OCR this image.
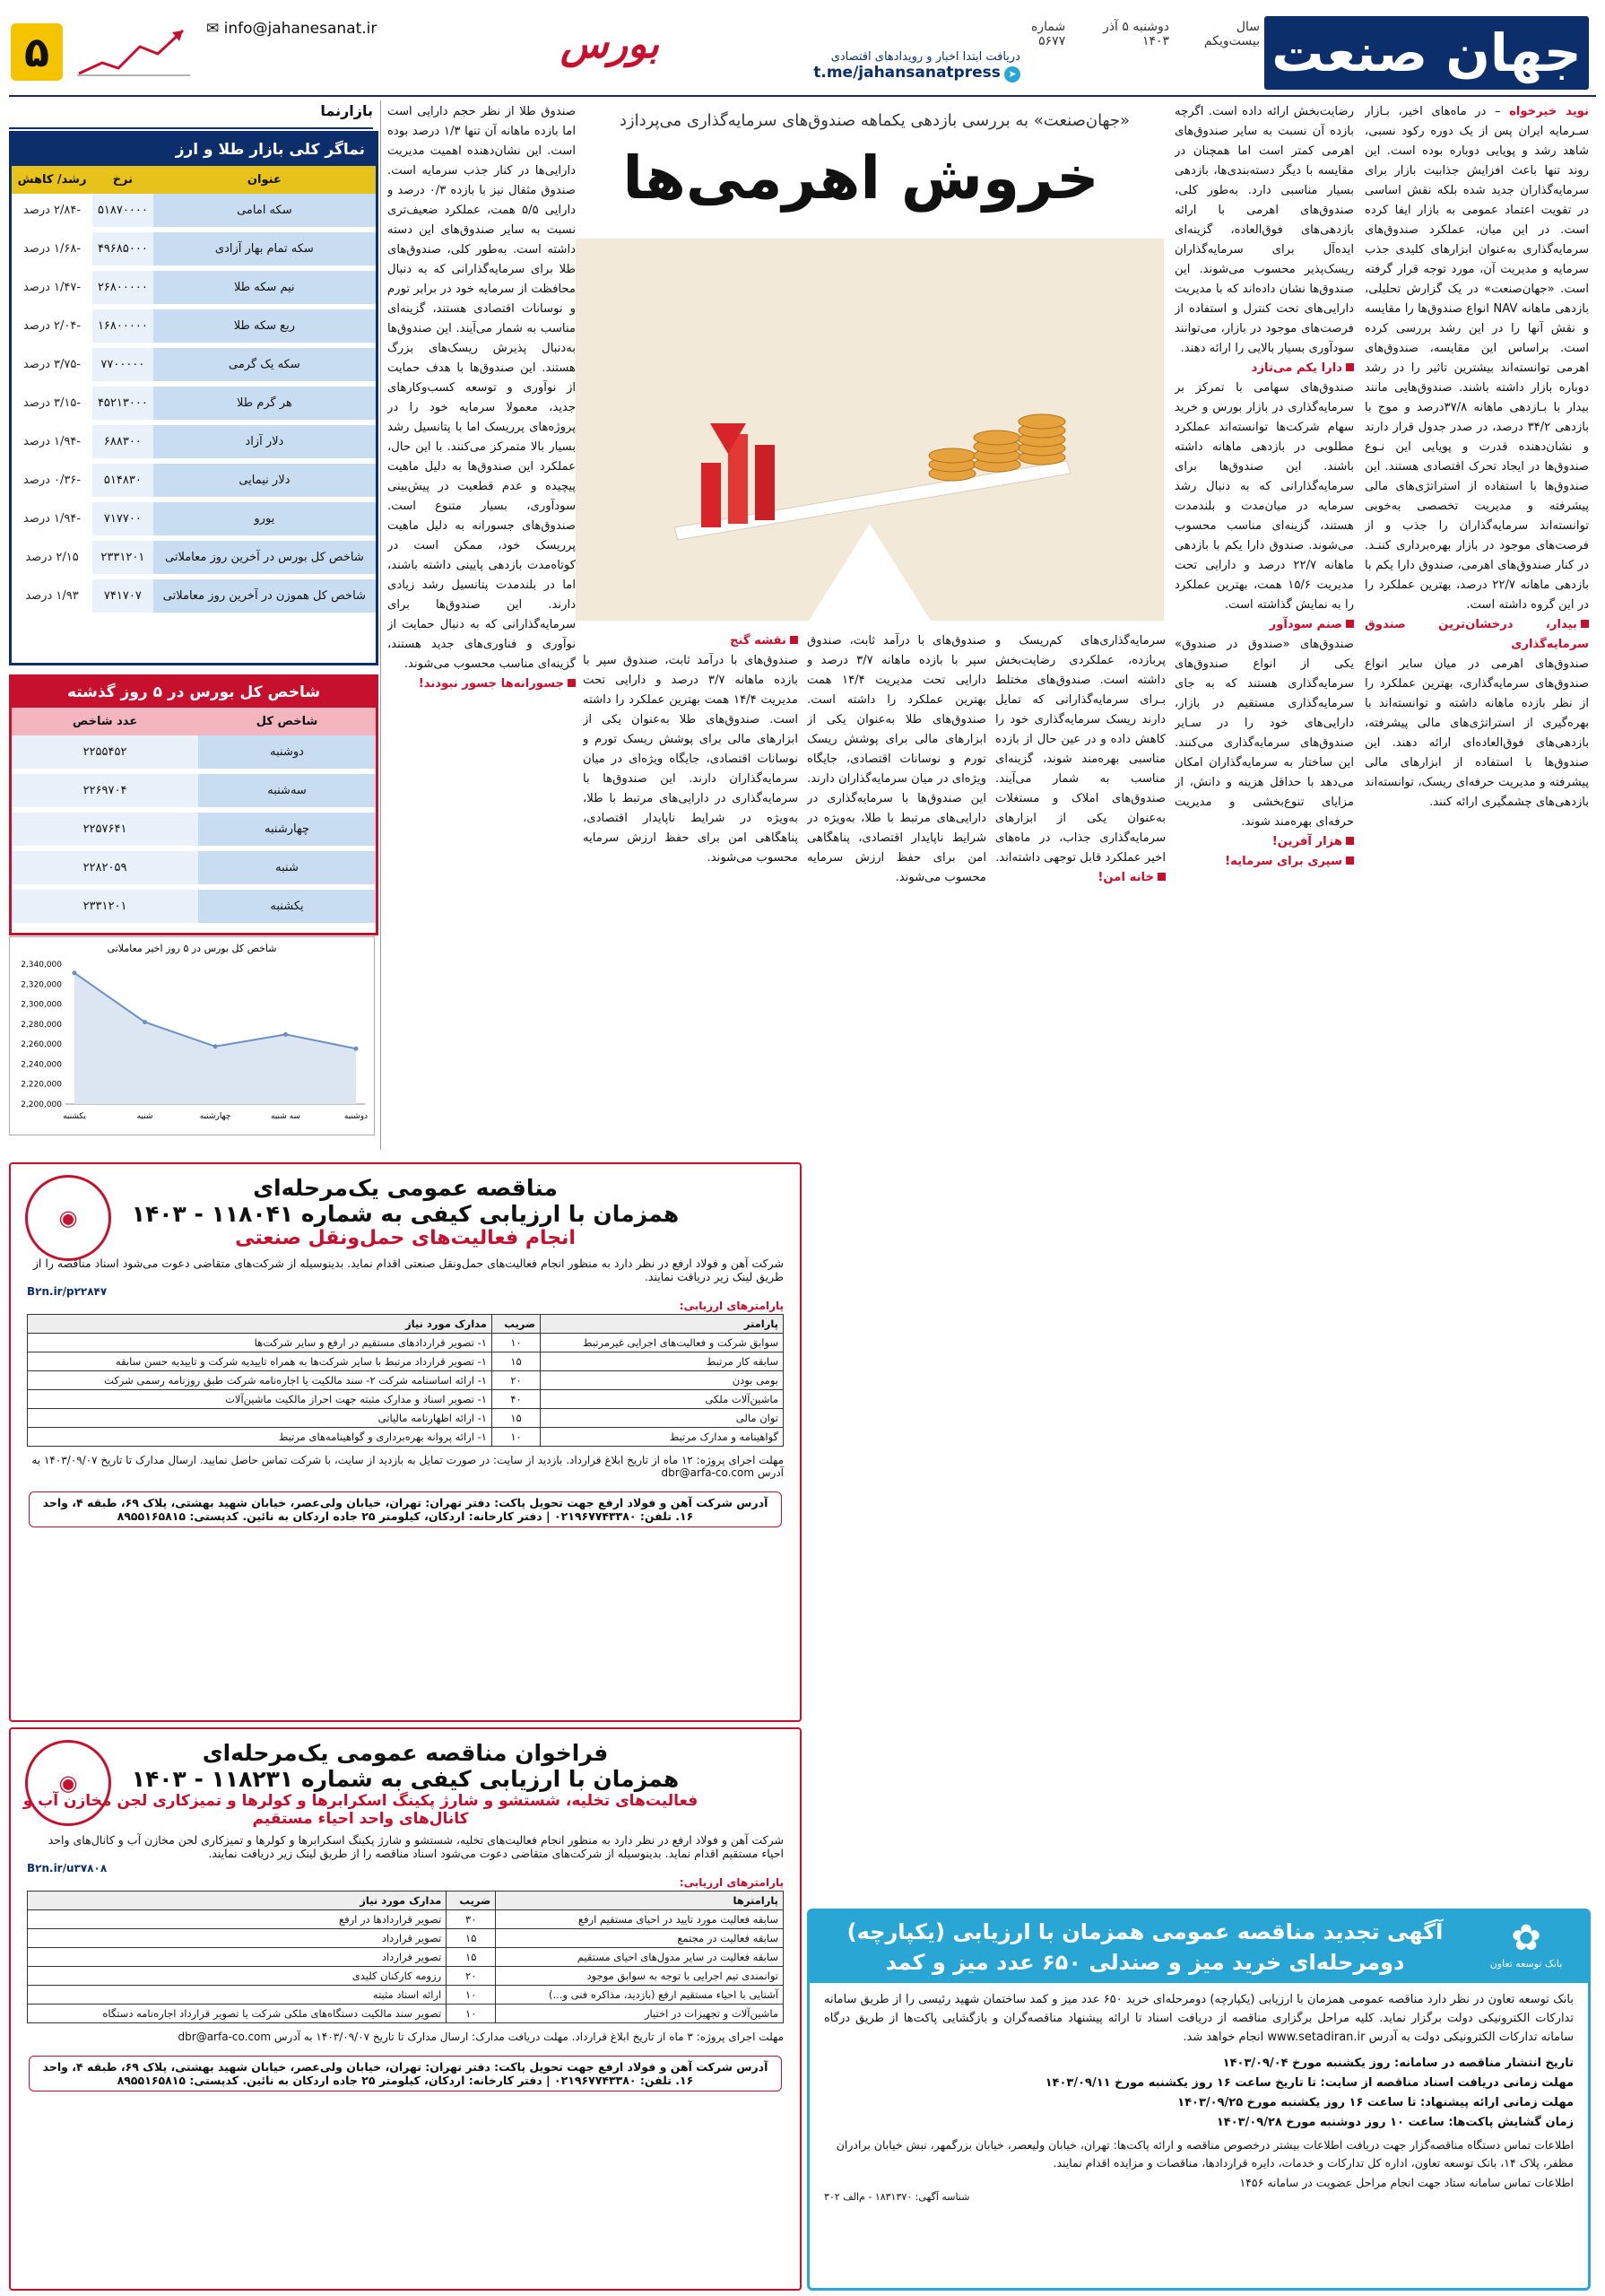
جهان صنعت
سال بیست‌ویکم
دوشنبه ۵ آذر ۱۴۰۳
شماره ۵۶۷۷
بورس	دریافت ابتدا اخبار و رویدادهای اقتصادی
➤ t.me/jahansanatpress
✉ info@jahanesanat.ir
۵
بازارنما
نماگر کلی بازار طلا و ارز
عنوان	نرخ	رشد/ کاهش
سکه امامی	۵۱۸۷۰۰۰۰	-۲/۸۴ درصد
سکه تمام بهار آزادی	۴۹۶۸۵۰۰۰	-۱/۶۸ درصد
نیم سکه طلا	۲۶۸۰۰۰۰۰	-۱/۴۷ درصد
ربع سکه طلا	۱۶۸۰۰۰۰۰	-۲/۰۴ درصد
سکه یک گرمی	۷۷۰۰۰۰۰	-۳/۷۵ درصد
هر گرم طلا	۴۵۲۱۳۰۰۰	-۳/۱۵ درصد
دلار آزاد	۶۸۸۳۰۰	-۱/۹۴ درصد
دلار نیمایی	۵۱۴۸۳۰	-۰/۳۶ درصد
یورو	۷۱۷۷۰۰	-۱/۹۴ درصد
شاخص کل بورس در آخرین روز معاملاتی	۲۳۳۱۲۰۱	۲/۱۵ درصد
شاخص کل هموزن در آخرین روز معاملاتی	۷۴۱۷۰۷	۱/۹۳ درصد
شاخص کل بورس در ۵ روز گذشته
شاخص کل	عدد شاخص
دوشنبه	۲۲۵۵۴۵۲
سه‌شنبه	۲۲۶۹۷۰۴
چهارشنبه	۲۲۵۷۶۴۱
شنبه	۲۲۸۲۰۵۹
یکشنبه	۲۳۳۱۲۰۱
شاخص کل بورس در ۵ روز اخیر معاملاتی
2,200,000
2,220,000
2,240,000
2,260,000
2,280,000
2,300,000
2,320,000
2,340,000
دوشنبه
سه شنبه
چهارشنبه
شنبه
یکشنبه
«جهان‌صنعت» به بررسی بازدهی یکماهه صندوق‌های سرمایه‌گذاری می‌پردازد
خروش اهرمی‌ها
نوید خیرخواه – در ماه‌های اخیر، بـازار سـرمایه ایران پس از یک دوره رکود نسبی، شاهد رشد و پویایی دوباره بوده است. این روند تنها باعث افزایش جذابیت بازار برای سرمایه‌گذاران جدید شده بلکه نقش اساسی در تقویت اعتماد عمومی به بازار ایفا کرده است. در این میان، عملکرد صندوق‌های سرمایه‌گذاری به‌عنوان ابزارهای کلیدی جذب سرمایه و مدیریت آن، مورد توجه قرار گرفته است. «جهان‌صنعت» در یک گزارش تحلیلی، بازدهی ماهانه NAV انواع صندوق‌ها را مقایسه و نقش آنها را در این رشد بررسی کرده است. براساس این مقایسه، صندوق‌های اهرمی توانسته‌اند بیشترین تاثیر را در رشد دوباره بازار داشته باشند. صندوق‌هایی مانند بیدار با بـازدهی ماهانه ۳۷/۸درصد و موج با بازدهی ۳۴/۲ درصد، در صدر جدول قرار دارند و نشان‌دهنده قدرت و پویایی این نـوع صندوق‌ها در ایجاد تحرک اقتصادی هستند. این صندوق‌ها با استفاده از استراتژی‌های مالی پیشرفته و مدیریت تخصصی به‌خوبی توانسته‌اند سرمایه‌گذاران را جذب و از فرصت‌های موجود در بازار بهره‌برداری کننـد. در کنار صندوق‌های اهرمی، صندوق دارا یکم با بازدهی ماهانه ۲۲/۷ درصد، بهترین عملکرد را در این گروه داشته است.
بیدار، درخشان‌ترین صندوق سرمایه‌گذاری
صندوق‌های اهرمی در میان سایر انواع صندوق‌های سرمایه‌گذاری، بهترین عملکرد را از نظر بازده ماهانه داشته و توانسته‌اند با بهره‌گیری از استراتژی‌های مالی پیشرفته، بازدهی‌های فوق‌العاده‌ای ارائه دهند. این صندوق‌ها با استفاده از ابزارهای مالی پیشرفته و مدیریت حرفه‌ای ریسک، توانسته‌اند بازدهی‌های چشمگیری ارائه کنند.
رضایت‌بخش ارائه داده است. اگرچه بازده آن نسبت به سایر صندوق‌های اهرمی کمتر است اما همچنان در مقایسه با دیگر دسته‌بندی‌ها، بازدهی بسیار مناسبی دارد. به‌طور کلی، صندوق‌های اهرمی با ارائه بازدهی‌های فوق‌العاده، گزینه‌ای ایده‌آل برای سرمایه‌گذاران ریسک‌پذیر محسوب می‌شوند. این صندوق‌ها نشان داده‌اند که با مدیریت دارایی‌های تحت کنترل و استفاده از فرصت‌های موجود در بازار، می‌توانند سودآوری بسیار بالایی را ارائه دهند.
دارا یکم می‌تازد
صندوق‌های سهامی با تمرکز بر سرمایه‌گذاری در بازار بورس و خرید سهام شرکت‌ها توانسته‌اند عملکرد مطلوبی در بازدهی ماهانه داشته باشند. این صندوق‌ها برای سرمایه‌گذارانی که به دنبال رشد سرمایه در میان‌مدت و بلندمدت هستند، گزینه‌ای مناسب محسوب می‌شوند. صندوق دارا یکم با بازدهی ماهانه ۲۲/۷ درصد و دارایی تحت مدیریت ۱۵/۶ همت، بهترین عملکرد را به نمایش گذاشته است.
صنم سودآور
صندوق‌های «صندوق در صندوق» یکی از انواع صندوق‌های سرمایه‌گذاری هستند که به جای سرمایه‌گذاری مستقیم در بازار، دارایی‌های خود را در سـایر صندوق‌های سرمایه‌گذاری می‌کنند. این ساختار به سرمایه‌گذاران امکان می‌دهد با حداقل هزینه و دانش، از مزایای تنوع‌بخشی و مدیریت حرفه‌ای بهره‌مند شوند.
هزار آفرین!
سپری برای سرمایه!
سرمایه‌گذاری‌های کم‌ریسک و پربازده، عملکردی رضایت‌بخش داشته است. صندوق‌های مختلط بـرای سرمایه‌گذارانی که تمایل دارند ریسک سرمایه‌گذاری خود را کاهش داده و در عین حال از بازده مناسبی بهره‌مند شوند، گزینه‌ای مناسب به شمار می‌آیند. صندوق‌های املاک و مستغلات به‌عنوان یکی از ابزارهای سرمایه‌گذاری جذاب، در ماه‌های اخیر عملکرد قابل توجهی داشته‌اند.
خانه امن!
صندوق‌های با درآمد ثابت، صندوق سپر با بازده ماهانه ۳/۷ درصد و دارایی تحت مدیریت ۱۴/۴ همت بهترین عملکرد را داشته است. صندوق‌های طلا به‌عنوان یکی از ابزارهای مالی برای پوشش ریسک تورم و نوسانات اقتصادی، جایگاه ویژه‌ای در میان سرمایه‌گذاران دارند. این صندوق‌ها با سرمایه‌گذاری در دارایی‌های مرتبط با طلا، به‌ویژه در شرایط ناپایدار اقتصادی، پناهگاهی امن برای حفظ ارزش سرمایه محسوب می‌شوند.
نقشه گنج
صندوق‌های با درآمد ثابت، صندوق سپر با بازده ماهانه ۳/۷ درصد و دارایی تحت مدیریت ۱۴/۴ همت بهترین عملکرد را داشته است. صندوق‌های طلا به‌عنوان یکی از ابزارهای مالی برای پوشش ریسک تورم و نوسانات اقتصادی، جایگاه ویژه‌ای در میان سرمایه‌گذاران دارند. این صندوق‌ها با سرمایه‌گذاری در دارایی‌های مرتبط با طلا، به‌ویژه در شرایط ناپایدار اقتصادی، پناهگاهی امن برای حفظ ارزش سرمایه محسوب می‌شوند.
صندوق طلا از نظر حجم دارایی است اما بازده ماهانه آن تنها ۱/۳ درصد بوده است. این نشان‌دهنده اهمیت مدیریت دارایی‌ها در کنار جذب سرمایه است. صندوق مثقال نیز با بازده ۰/۳ درصد و دارایی ۵/۵ همت، عملکرد ضعیف‌تری نسبت به سایر صندوق‌های این دسته داشته است. به‌طور کلی، صندوق‌های طلا برای سرمایه‌گذارانی که به دنبال محافظت از سرمایه خود در برابر تورم و نوسانات اقتصادی هستند، گزینه‌ای مناسب به شمار می‌آیند. این صندوق‌ها به‌دنبال پذیرش ریسک‌های بزرگ هستند. این صندوق‌ها با هدف حمایت از نوآوری و توسعه کسب‌وکارهای جدید، معمولا سرمایه خود را در پروژه‌های پرریسک اما با پتانسیل رشد بسیار بالا متمرکز می‌کنند. با این حال، عملکرد این صندوق‌ها به دلیل ماهیت پیچیده و عدم قطعیت در پیش‌بینی سودآوری، بسیار متنوع است. صندوق‌های جسورانه به دلیل ماهیت پرریسک خود، ممکن است در کوتاه‌مدت بازدهی پایینی داشته باشند، اما در بلندمدت پتانسیل رشد زیادی دارند. این صندوق‌ها برای سرمایه‌گذارانی که به دنبال حمایت از نوآوری و فناوری‌های جدید هستند، گزینه‌ای مناسب محسوب می‌شوند.
جسورانه‌ها جسور نبودند!
◉
مناقصه عمومی یک‌مرحله‌ای
همزمان با ارزیابی کیفی به شماره ۱۱۸۰۴۱ - ۱۴۰۳
انجام فعالیت‌های حمل‌ونقل صنعتی
شرکت آهن و فولاد ارفع در نظر دارد به منظور انجام فعالیت‌های حمل‌ونقل صنعتی اقدام نماید. بدینوسیله از شرکت‌های متقاضی دعوت می‌شود اسناد مناقصه را از طریق لینک زیر دریافت نمایند.
B۲n.ir/p۲۲۸۴۷
پارامترهای ارزیابی:
پارامتر	ضریب	مدارک مورد نیاز
سوابق شرکت و فعالیت‌های اجرایی غیرمرتبط	۱۰	۱- تصویر قراردادهای مستقیم در ارفع و سایر شرکت‌ها
سابقه کار مرتبط	۱۵	۱- تصویر قرارداد مرتبط با سایر شرکت‌ها به همراه تاییدیه شرکت و تاییدیه حسن سابقه
بومی بودن	۲۰	۱- ارائه اساسنامه شرکت ۲- سند مالکیت یا اجاره‌نامه شرکت طبق روزنامه رسمی شرکت
ماشین‌آلات ملکی	۴۰	۱- تصویر اسناد و مدارک مثبته جهت احراز مالکیت ماشین‌آلات
توان مالی	۱۵	۱- ارائه اظهارنامه مالیاتی
گواهینامه و مدارک مرتبط	۱۰	۱- ارائه پروانه بهره‌برداری و گواهینامه‌های مرتبط
مهلت اجرای پروژه: ۱۲ ماه از تاریخ ابلاغ قرارداد. بازدید از سایت: در صورت تمایل به بازدید از سایت، با شرکت تماس حاصل نمایید. ارسال مدارک تا تاریخ ۱۴۰۳/۰۹/۰۷ به آدرس dbr@arfa-co.com
آدرس شرکت آهن و فولاد ارفع جهت تحویل پاکت: دفتر تهران: تهران، خیابان ولی‌عصر، خیابان شهید بهشتی، پلاک ۶۹، طبقه ۴، واحد ۱۶. تلفن: ۰۲۱۹۶۷۷۴۳۳۸۰ | دفتر کارخانه: اردکان، کیلومتر ۲۵ جاده اردکان به نائین. کدپستی: ۸۹۵۵۱۶۵۸۱۵
◉
فراخوان مناقصه عمومی یک‌مرحله‌ای
همزمان با ارزیابی کیفی به شماره ۱۱۸۲۳۱ - ۱۴۰۳
فعالیت‌های تخلیه، شستشو و شارژ پکینگ اسکرابرها و کولرها و تمیزکاری لجن مخازن آب و کانال‌های واحد احیاء مستقیم
شرکت آهن و فولاد ارفع در نظر دارد به منظور انجام فعالیت‌های تخلیه، شستشو و شارژ پکینگ اسکرابرها و کولرها و تمیزکاری لجن مخازن آب و کانال‌های واحد احیاء مستقیم اقدام نماید. بدینوسیله از شرکت‌های متقاضی دعوت می‌شود اسناد مناقصه را از طریق لینک زیر دریافت نمایند.
B۲n.ir/u۳۷۸۰۸
پارامترهای ارزیابی:
پارامترها	ضریب	مدارک مورد نیاز
سابقه فعالیت مورد تایید در احیای مستقیم ارفع	۳۰	تصویر قراردادها در ارفع
سابقه فعالیت در مجتمع	۱۵	تصویر قرارداد
سابقه فعالیت در سایر مدول‌های احیای مستقیم	۱۵	تصویر قرارداد
توانمندی تیم اجرایی با توجه به سوابق موجود	۲۰	رزومه کارکنان کلیدی
آشنایی با احیاء مستقیم ارفع (بازدید، مذاکره فنی و...)	۱۰	ارائه اسناد مثبته
ماشین‌آلات و تجهیزات در اختیار	۱۰	تصویر سند مالکیت دستگاه‌های ملکی شرکت یا تصویر قرارداد اجاره‌نامه دستگاه
مهلت اجرای پروژه: ۳ ماه از تاریخ ابلاغ قرارداد. مهلت دریافت مدارک: ارسال مدارک تا تاریخ ۱۴۰۳/۰۹/۰۷ به آدرس dbr@arfa-co.com
آدرس شرکت آهن و فولاد ارفع جهت تحویل پاکت: دفتر تهران: تهران، خیابان ولی‌عصر، خیابان شهید بهشتی، پلاک ۶۹، طبقه ۴، واحد ۱۶. تلفن: ۰۲۱۹۶۷۷۴۳۳۸۰ | دفتر کارخانه: اردکان، کیلومتر ۲۵ جاده اردکان به نائین. کدپستی: ۸۹۵۵۱۶۵۸۱۵
✿
بانک توسعه تعاون
آگهی تجدید مناقصه عمومی همزمان با ارزیابی (یکپارچه) دومرحله‌ای خرید میز و صندلی ۶۵۰ عدد میز و کمد
بانک توسعه تعاون در نظر دارد مناقصه عمومی همزمان با ارزیابی (یکپارچه) دومرحله‌ای خرید ۶۵۰ عدد میز و کمد ساختمان شهید رئیسی را از طریق سامانه تدارکات الکترونیکی دولت برگزار نماید. کلیه مراحل برگزاری مناقصه از دریافت اسناد تا ارائه پیشنهاد مناقصه‌گران و بازگشایی پاکت‌ها از طریق درگاه سامانه تدارکات الکترونیکی دولت به آدرس www.setadiran.ir انجام خواهد شد.
تاریخ انتشار مناقصه در سامانه: روز یکشنبه مورخ ۱۴۰۳/۰۹/۰۴
مهلت زمانی دریافت اسناد مناقصه از سایت: تا تاریخ ساعت ۱۶ روز یکشنبه مورخ ۱۴۰۳/۰۹/۱۱
مهلت زمانی ارائه پیشنهاد: تا ساعت ۱۶ روز یکشنبه مورخ ۱۴۰۳/۰۹/۲۵
زمان گشایش پاکت‌ها: ساعت ۱۰ روز دوشنبه مورخ ۱۴۰۳/۰۹/۲۸
اطلاعات تماس دستگاه مناقصه‌گزار جهت دریافت اطلاعات بیشتر درخصوص مناقصه و ارائه پاکت‌ها: تهران، خیابان ولیعصر، خیابان بزرگمهر، نبش خیابان برادران مظفر، پلاک ۱۴، بانک توسعه تعاون، اداره کل تدارکات و خدمات، دایره قراردادها، مناقصات و مزایده اقدام نمایند.
اطلاعات تماس سامانه ستاد جهت انجام مراحل عضویت در سامانه ۱۴۵۶
شناسه آگهی: ۱۸۳۱۳۷۰ - م‌الف ۳۰۲
